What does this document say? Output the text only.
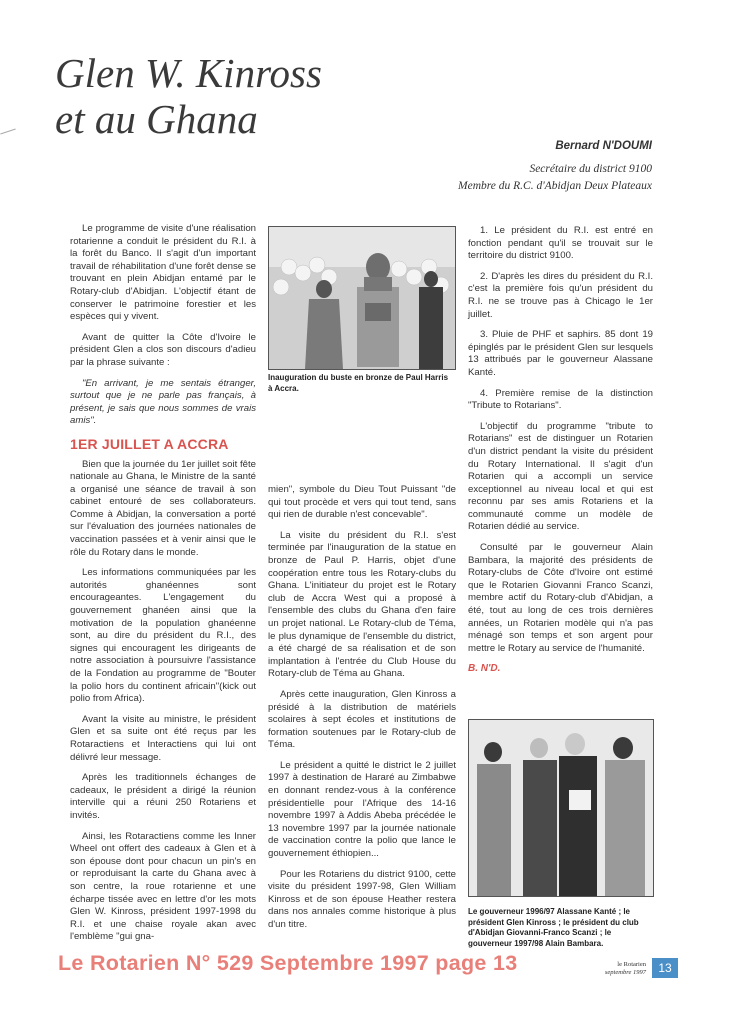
Glen W. Kinross
et au Ghana
Bernard N'DOUMI
Secrétaire du district 9100
Membre du R.C. d'Abidjan Deux Plateaux

Le programme de visite d'une réalisation rotarienne a conduit le président du R.I. à la forêt du Banco. Il s'agit d'un important travail de réhabilitation d'une forêt dense se trouvant en plein Abidjan entamé par le Rotary-club d'Abidjan. L'objectif étant de conserver le patrimoine forestier et les espèces qui y vivent.

Avant de quitter la Côte d'Ivoire le président Glen a clos son discours d'adieu par la phrase suivante :

"En arrivant, je me sentais étranger, surtout que je ne parle pas français, à présent, je sais que nous sommes de vrais amis".

1ER JUILLET A ACCRA

Bien que la journée du 1er juillet soit fête nationale au Ghana, le Ministre de la santé a organisé une séance de travail à son cabinet entouré de ses collaborateurs. Comme à Abidjan, la conversation a porté sur l'évaluation des journées nationales de vaccination passées et à venir ainsi que le rôle du Rotary dans le monde.

Les informations communiquées par les autorités ghanéennes sont encourageantes. L'engagement du gouvernement ghanéen ainsi que la motivation de la population ghanéenne sont, au dire du président du R.I., des signes qui encouragent les dirigeants de notre association à poursuivre l'assistance de la Fondation au programme de "Bouter la polio hors du continent africain"(kick out polio from Africa).

Avant la visite au ministre, le président Glen et sa suite ont été reçus par les Rotaractiens et Interactiens qui lui ont délivré leur message.

Après les traditionnels échanges de cadeaux, le président a dirigé la réunion interville qui a réuni 250 Rotariens et invités.

Ainsi, les Rotaractiens comme les Inner Wheel ont offert des cadeaux à Glen et à son épouse dont pour chacun un pin's en or reproduisant la carte du Ghana avec à son centre, la roue rotarienne et une écharpe tissée avec en lettre d'or les mots Glen W. Kinross, président 1997-1998 du R.I. et une chaise royale akan avec l'emblème "gui gna-

Inauguration du buste en bronze de Paul Harris à Accra.

mien", symbole du Dieu Tout Puissant "de qui tout procède et vers qui tout tend, sans qui rien de durable n'est concevable".

La visite du président du R.I. s'est terminée par l'inauguration de la statue en bronze de Paul P. Harris, objet d'une coopération entre tous les Rotary-clubs du Ghana. L'initiateur du projet est le Rotary club de Accra West qui a proposé à l'ensemble des clubs du Ghana d'en faire un projet national. Le Rotary-club de Téma, le plus dynamique de l'ensemble du district, a été chargé de sa réalisation et de son implantation à l'entrée du Club House du Rotary-club de Téma au Ghana.

Après cette inauguration, Glen Kinross a présidé à la distribution de matériels scolaires à sept écoles et institutions de formation soutenues par le Rotary-club de Téma.

Le président a quitté le district le 2 juillet 1997 à destination de Hararé au Zimbabwe en donnant rendez-vous à la conférence présidentielle pour l'Afrique des 14-16 novembre 1997 à Addis Abeba précédée le 13 novembre 1997 par la journée nationale de vaccination contre la polio que lance le gouvernement éthiopien...

Pour les Rotariens du district 9100, cette visite du président 1997-98, Glen William Kinross et de son épouse Heather restera dans nos annales comme historique à plus d'un titre.

1. Le président du R.I. est entré en fonction pendant qu'il se trouvait sur le territoire du district 9100.

2. D'après les dires du président du R.I. c'est la première fois qu'un président du R.I. ne se trouve pas à Chicago le 1er juillet.

3. Pluie de PHF et saphirs. 85 dont 19 épinglés par le président Glen sur lesquels 13 attribués par le gouverneur Alassane Kanté.

4. Première remise de la distinction "Tribute to Rotarians".

L'objectif du programme "tribute to Rotarians" est de distinguer un Rotarien d'un district pendant la visite du président du Rotary International. Il s'agit d'un Rotarien qui a accompli un service exceptionnel au niveau local et qui est reconnu par ses amis Rotariens et la communauté comme un modèle de Rotarien dédié au service.

Consulté par le gouverneur Alain Bambara, la majorité des présidents de Rotary-clubs de Côte d'Ivoire ont estimé que le Rotarien Giovanni Franco Scanzi, membre actif du Rotary-club d'Abidjan, a été, tout au long de ces trois dernières années, un Rotarien modèle qui n'a pas ménagé son temps et son argent pour mettre le Rotary au service de l'humanité.

B. N'D.
Le gouverneur 1996/97 Alassane Kanté ; le président Glen Kinross ; le président du club d'Abidjan Giovanni-Franco Scanzi ; le gouverneur 1997/98 Alain Bambara.
Le Rotarien N° 529 Septembre 1997 page 13	le Rotarien
septembre 1997	13
